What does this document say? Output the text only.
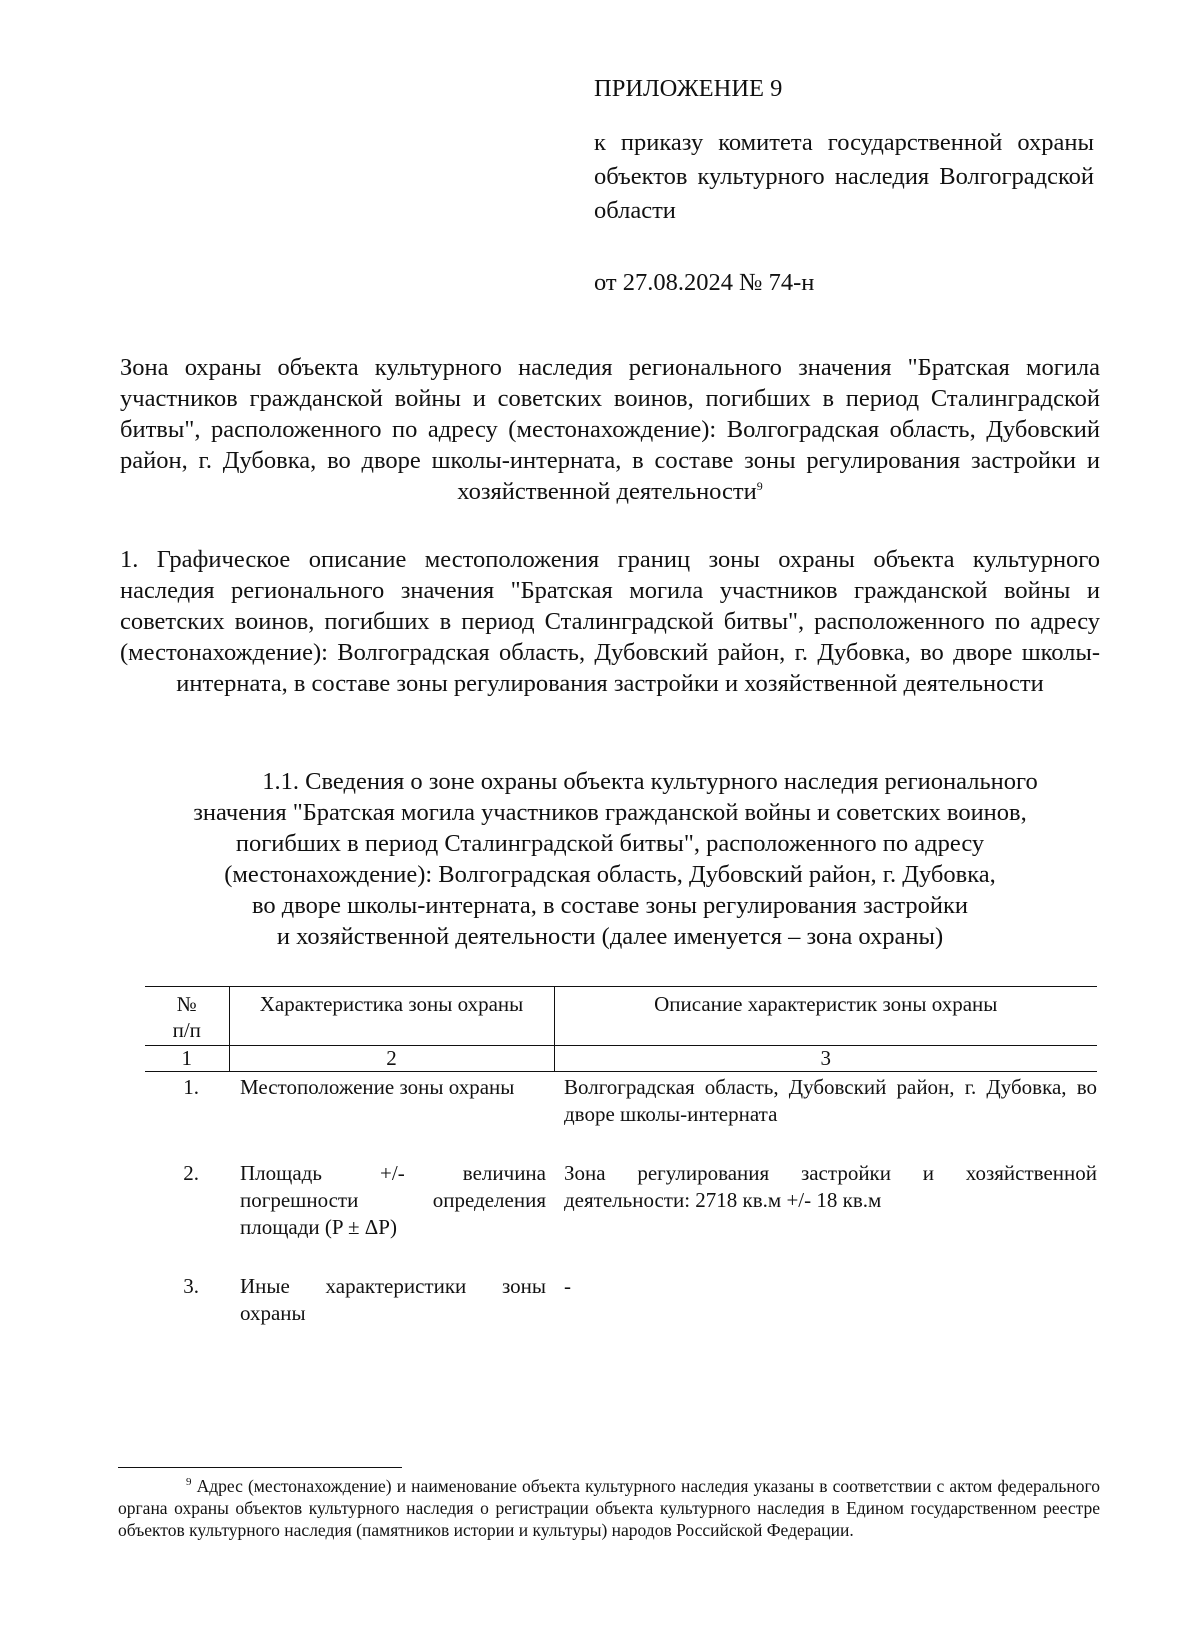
ПРИЛОЖЕНИЕ 9
к приказу комитета государственной охраны объектов культурного наследия Волгоградской области
от 27.08.2024 № 74-н
Зона охраны объекта культурного наследия регионального значения "Братская могила участников гражданской войны и советских воинов, погибших в период Сталинградской битвы", расположенного по адресу (местонахождение): Волгоградская область, Дубовский район, г. Дубовка, во дворе школы-интерната, в составе зоны регулирования застройки и хозяйственной деятельности$^9$
1. Графическое описание местоположения границ зоны охраны объекта культурного наследия регионального значения "Братская могила участников гражданской войны и советских воинов, погибших в период Сталинградской битвы", расположенного по адресу (местонахождение): Волгоградская область, Дубовский район, г. Дубовка, во дворе школы-интерната, в составе зоны регулирования застройки и хозяйственной деятельности
1.1. Сведения о зоне охраны объекта культурного наследия регионального
значения "Братская могила участников гражданской войны и советских воинов,
погибших в период Сталинградской битвы", расположенного по адресу
(местонахождение): Волгоградская область, Дубовский район, г. Дубовка,
во дворе школы-интерната, в составе зоны регулирования застройки
и хозяйственной деятельности (далее именуется – зона охраны)
№
п/п	Характеристика зоны охраны	Описание характеристик зоны охраны
1	2	3
1.	Местоположение зоны охраны	Волгоградская область, Дубовский район, г. Дубовка, во дворе школы-интерната
2.	Площадь +/- величина погрешности определения площади (P ± ΔP)	Зона регулирования застройки и хозяйственной деятельности: 2718 кв.м +/- 18 кв.м
3.	Иные характеристики зоны охраны	-
$^9$ Адрес (местонахождение) и наименование объекта культурного наследия указаны в соответствии с актом федерального органа охраны объектов культурного наследия о регистрации объекта культурного наследия в Едином государственном реестре объектов культурного наследия (памятников истории и культуры) народов Российской Федерации.
